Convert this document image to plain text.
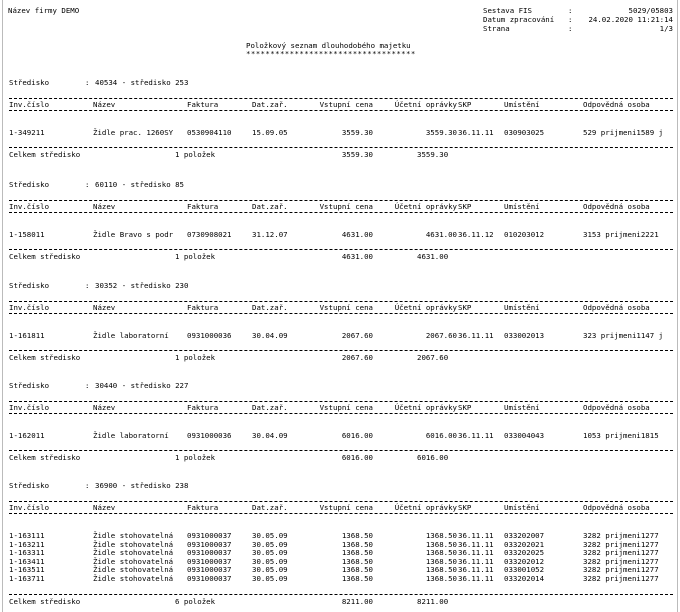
Název firmy DEMO	Sestava FIS	:	5029/05803
Datum zpracování :	24.02.2020 11:21:14
Strana	:	1/3
Položkový seznam dlouhodobého majetku
***********************************
Středisko	: 40534 - středisko 253
Inv.číslo	Název	Faktura	Dat.zař.	Vstupní cena	Účetní oprávky SKP	Umístění	Odpovědná osoba
1-349211	Židle prac. 1260SY	0530904110	15.09.05	3559.30	3559.30 36.11.11	030903025	529 prijmeni1589 j
Celkem středisko	1 položek	3559.30	3559.30
Středisko	: 60110 - středisko 85
Inv.číslo	Název	Faktura	Dat.zař.	Vstupní cena	Účetní oprávky SKP	Umístění	Odpovědná osoba
1-158011	Židle Bravo s podr	0730908021	31.12.07	4631.00	4631.00 36.11.12	010203012	3153 prijmeni2221
Celkem středisko	1 položek	4631.00	4631.00
Středisko	: 30352 - středisko 230
Inv.číslo	Název	Faktura	Dat.zař.	Vstupní cena	Účetní oprávky SKP	Umístění	Odpovědná osoba
1-161811	Židle laboratorní	0931000036	30.04.09	2067.60	2067.60 36.11.11	033002013	323 prijmeni1147 j
Celkem středisko	1 položek	2067.60	2067.60
Středisko	: 30440 - středisko 227
Inv.číslo	Název	Faktura	Dat.zař.	Vstupní cena	Účetní oprávky SKP	Umístění	Odpovědná osoba
1-162011	Židle laboratorní	0931000036	30.04.09	6016.00	6016.00 36.11.11	033004043	1053 prijmeni1815
Celkem středisko	1 položek	6016.00	6016.00
Středisko	: 36900 - středisko 238
Inv.číslo	Název	Faktura	Dat.zař.	Vstupní cena	Účetní oprávky SKP	Umístění	Odpovědná osoba
1-163111	Židle stohovatelná	0931000037	30.05.09	1368.50	1368.50 36.11.11	033202007	3282 prijmeni1277
1-163211	Židle stohovatelná	0931000037	30.05.09	1368.50	1368.50 36.11.11	033202021	3282 prijmeni1277
1-163311	Židle stohovatelná	0931000037	30.05.09	1368.50	1368.50 36.11.11	033202025	3282 prijmeni1277
1-163411	Židle stohovatelná	0931000037	30.05.09	1368.50	1368.50 36.11.11	033202012	3282 prijmeni1277
1-163511	Židle stohovatelná	0931000037	30.05.09	1368.50	1368.50 36.11.11	033001052	3282 prijmeni1277
1-163711	Židle stohovatelná	0931000037	30.05.09	1368.50	1368.50 36.11.11	033202014	3282 prijmeni1277
Celkem středisko	6 položek	8211.00	8211.00
